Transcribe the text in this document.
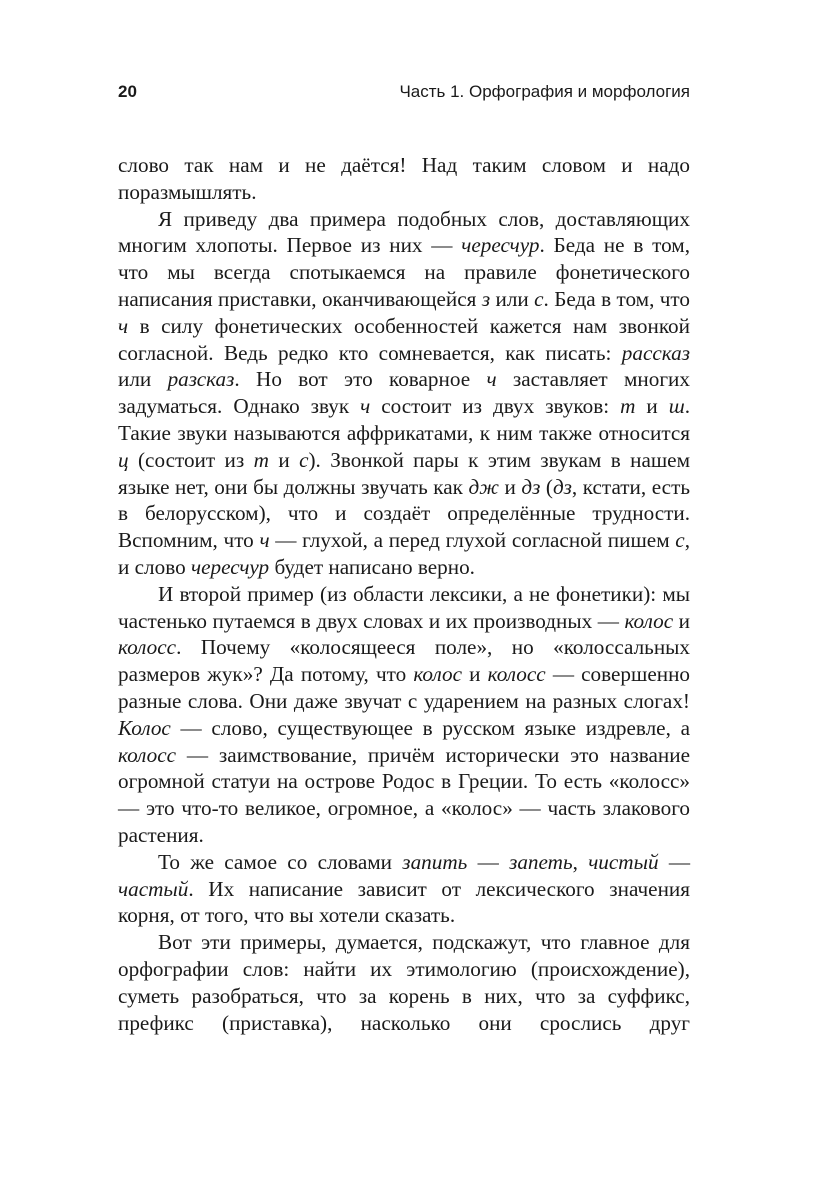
20	Часть 1. Орфография и морфология

слово так нам и не даётся! Над таким словом и надо поразмышлять.

Я приведу два примера подобных слов, доставляющих многим хлопоты. Первое из них — чересчур. Беда не в том, что мы всегда спотыкаемся на правиле фонетического написания приставки, оканчивающейся з или с. Беда в том, что ч в силу фонетических особенностей кажется нам звонкой согласной. Ведь редко кто сомневается, как писать: рассказ или разсказ. Но вот это коварное ч заставляет многих задуматься. Однако звук ч состоит из двух звуков: т и ш. Такие звуки называются аффрикатами, к ним также относится ц (состоит из т и с). Звонкой пары к этим звукам в нашем языке нет, они бы должны звучать как дж и дз (дз, кстати, есть в белорусском), что и создаёт определённые трудности. Вспомним, что ч — глухой, а перед глухой согласной пишем с, и слово чересчур будет написано верно.

И второй пример (из области лексики, а не фонетики): мы частенько путаемся в двух словах и их производных — колос и колосс. Почему «колосящееся поле», но «колоссальных размеров жук»? Да потому, что колос и колосс — совершенно разные слова. Они даже звучат с ударением на разных слогах! Колос — слово, существующее в русском языке издревле, а колосс — заимствование, причём исторически это название огромной статуи на острове Родос в Греции. То есть «колосс» — это что-то великое, огромное, а «колос» — часть злакового растения.

То же самое со словами запить — запеть, чистый — частый. Их написание зависит от лексического значения корня, от того, что вы хотели сказать.

Вот эти примеры, думается, подскажут, что главное для орфографии слов: найти их этимологию (происхождение), суметь разобраться, что за корень в них, что за суффикс, префикс (приставка), насколько они срослись друг
